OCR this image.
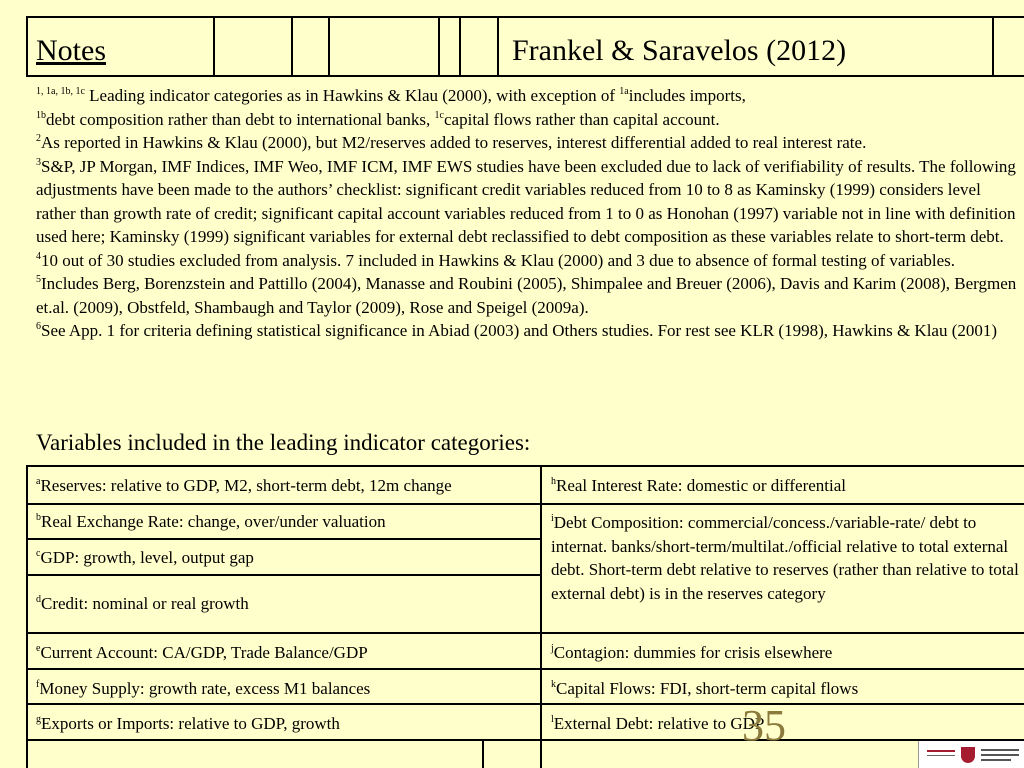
Notes	Frankel & Saravelos (2012)

$^{1, 1a, 1b, 1c}$ Leading indicator categories as in Hawkins & Klau (2000), with exception of $^{1a}$includes imports,

$^{1b}$debt composition rather than debt to international banks, $^{1c}$capital flows rather than capital account.

$^2$As reported in Hawkins & Klau (2000), but M2/reserves added to reserves, interest differential added to real interest rate.

$^3$S&P, JP Morgan, IMF Indices, IMF Weo, IMF ICM, IMF EWS studies have been excluded due to lack of verifiability of results. The following adjustments have been made to the authors’ checklist: significant credit variables reduced from 10 to 8 as Kaminsky (1999) considers level rather than growth rate of credit; significant capital account variables reduced from 1 to 0 as Honohan (1997) variable not in line with definition used here; Kaminsky (1999) significant variables for external debt reclassified to debt composition as these variables relate to short-term debt.

$^4$10 out of 30 studies excluded from analysis. 7 included in Hawkins & Klau (2000) and 3 due to absence of formal testing of variables.

$^5$Includes Berg, Borenzstein and Pattillo (2004), Manasse and Roubini (2005), Shimpalee and Breuer (2006), Davis and Karim (2008), Bergmen et.al. (2009), Obstfeld, Shambaugh and Taylor (2009), Rose and Speigel (2009a).

$^6$See App. 1 for criteria defining statistical significance in Abiad (2003) and Others studies. For rest see KLR (1998), Hawkins & Klau (2001)

Variables included in the leading indicator categories:
$^a$Reserves: relative to GDP, M2, short-term debt, 12m change
$^b$Real Exchange Rate: change, over/under valuation
$^c$GDP: growth, level, output gap
$^d$Credit: nominal or real growth
$^e$Current Account: CA/GDP, Trade Balance/GDP
$^f$Money Supply: growth rate, excess M1 balances
$^g$Exports or Imports: relative to GDP, growth
$^h$Real Interest Rate: domestic or differential
$^i$Debt Composition: commercial/concess./variable-rate/ debt to internat. banks/short-term/multilat./official relative to total external debt. Short-term debt relative to reserves (rather than relative to total external debt) is in the reserves category
$^j$Contagion: dummies for crisis elsewhere
$^k$Capital Flows: FDI, short-term capital flows
$^l$External Debt: relative to GDP
35
